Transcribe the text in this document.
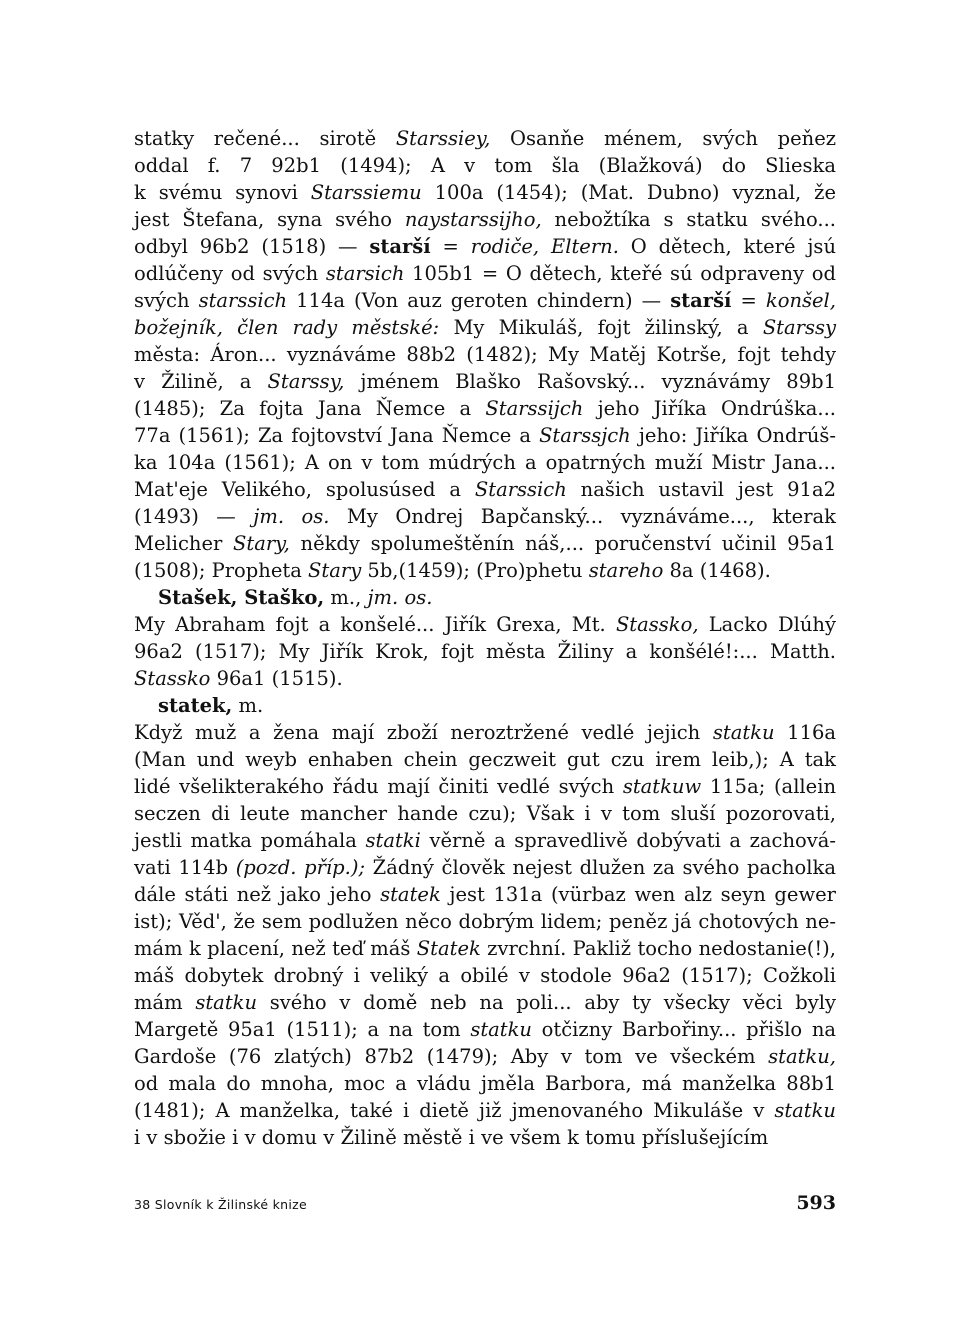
statky rečené... sirotě Starssiey, Osanňe ménem, svých peňez
oddal f. 7 92b1 (1494); A v tom šla (Blažková) do Slieska
k svému synovi Starssiemu 100a (1454); (Mat. Dubno) vyznal, že
jest Štefana, syna svého naystarssijho, nebožtíka s statku svého...
odbyl 96b2 (1518) — starší = rodiče, Eltern. O dětech, které jsú
odlúčeny od svých starsich 105b1 = O dětech, kteřé sú odpraveny od
svých starssich 114a (Von auz geroten chindern) — starší = konšel,
božejník, člen rady městské: My Mikuláš, fojt žilinský, a Starssy
města: Áron... vyznáváme 88b2 (1482); My Matěj Kotrše, fojt tehdy
v Žilině, a Starssy, jménem Blaško Rašovský... vyznávámy 89b1
(1485); Za fojta Jana Ňemce a Starssijch jeho Jiříka Ondrúška...
77a (1561); Za fojtovství Jana Ňemce a Starssjch jeho: Jiříka Ondrúš-
ka 104a (1561); A on v tom múdrých a opatrných muží Mistr Jana...
Mat'eje Velikého, spolusúsed a Starssich našich ustavil jest 91a2
(1493) — jm. os. My Ondrej Bapčanský... vyznáváme..., kterak
Melicher Stary, někdy spolumeštěnín náš,... poručenství učinil 95a1
(1508); Propheta Stary 5b,(1459); (Pro)phetu stareho 8a (1468).
Stašek, Staško, m., jm. os.
My Abraham fojt a konšelé... Jiřík Grexa, Mt. Stassko, Lacko Dlúhý
96a2 (1517); My Jiřík Krok, fojt města Žiliny a konšélé!:... Matth.
Stassko 96a1 (1515).
statek, m.
Když muž a žena mají zboží neroztržené vedlé jejich statku 116a
(Man und weyb enhaben chein geczweit gut czu irem leib,); A tak
lidé všelikterakého řádu mají činiti vedlé svých statkuw 115a; (allein
seczen di leute mancher hande czu); Však i v tom sluší pozorovati,
jestli matka pomáhala statki věrně a spravedlivě dobývati a zachová-
vati 114b (pozd. příp.); Žádný člověk nejest dlužen za svého pacholka
dále státi než jako jeho statek jest 131a (vürbaz wen alz seyn gewer
ist); Věd', že sem podlužen něco dobrým lidem; peněz já chotových ne-
mám k placení, než teď máš Statek zvrchní. Pakliž tocho nedostanie(!),
máš dobytek drobný i veliký a obilé v stodole 96a2 (1517); Cožkoli
mám statku svého v domě neb na poli... aby ty všecky věci byly
Margetě 95a1 (1511); a na tom statku otčizny Barbořiny... přišlo na
Gardoše (76 zlatých) 87b2 (1479); Aby v tom ve všeckém statku,
od mala do mnoha, moc a vládu jměla Barbora, má manželka 88b1
(1481); A manželka, také i dietě již jmenovaného Mikuláše v statku
i v sbožie i v domu v Žilině městě i ve všem k tomu příslušejícím
38 Slovník k Žilinské knize	593
